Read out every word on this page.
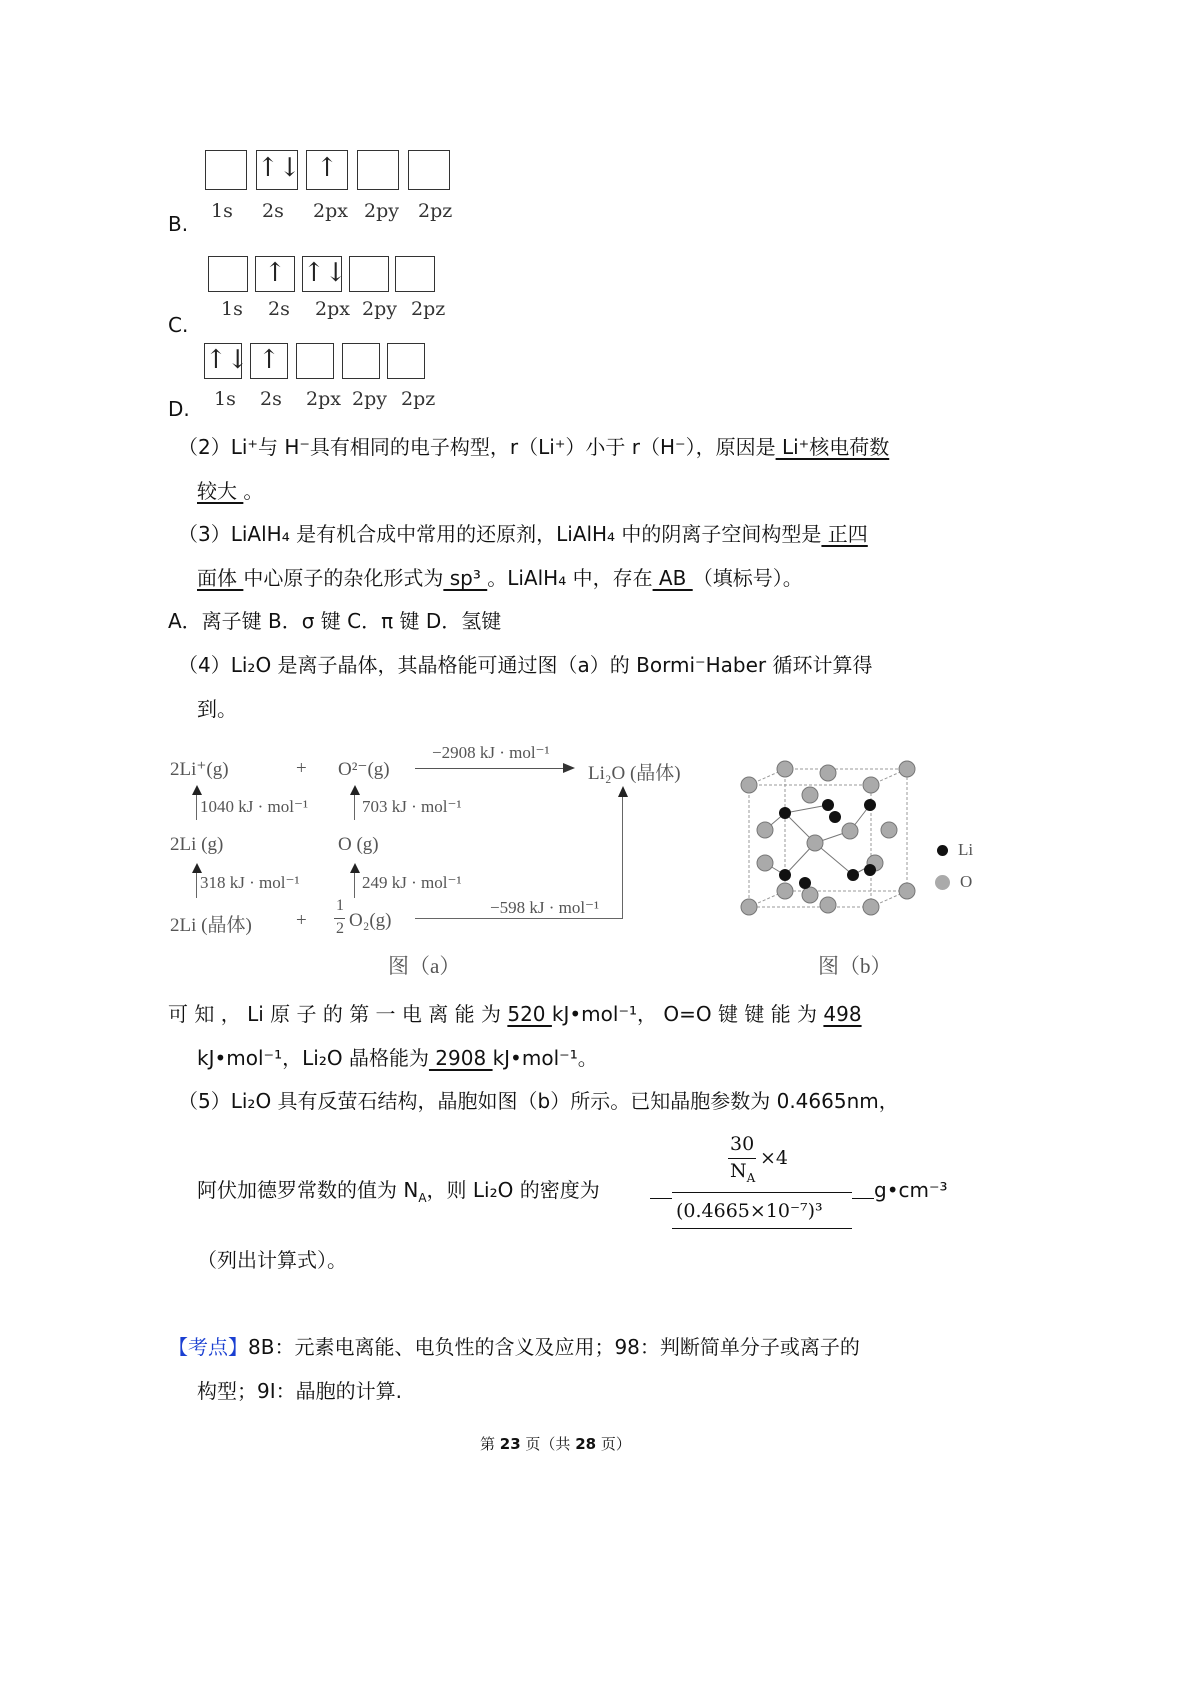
B.
↑↓ ↑
1s 2s 2px 2py 2pz
C.
↑ ↑↓
1s 2s 2px 2py 2pz
D.
↑↓ ↑
1s 2s 2px 2py 2pz
（2）Li⁺与 H⁻具有相同的电子构型，r（Li⁺）小于 r（H⁻），原因是 Li⁺核电荷数
较大 。
（3）LiAlH₄ 是有机合成中常用的还原剂，LiAlH₄ 中的阴离子空间构型是 正四
面体 中心原子的杂化形式为 sp³ 。LiAlH₄ 中，存在 AB （填标号）。
A．离子键 B．σ 键 C．π 键 D．氢键
（4）Li₂O 是离子晶体，其晶格能可通过图（a）的 Bormi⁻Haber 循环计算得
到。
2Li⁺(g)	+ O²⁻(g)
−2908 kJ · mol⁻¹
Li₂O (晶体)
1040 kJ · mol⁻¹	703 kJ · mol⁻¹
2Li (g)	O (g)
318 kJ · mol⁻¹	249 kJ · mol⁻¹
2Li (晶体) +
1
2 O₂(g)
−598 kJ · mol⁻¹
图（a）
Li
O
图（b）
可 知 ， Li 原 子 的 第 一 电 离 能 为 520 kJ•mol⁻¹， O=O 键 键 能 为 498
kJ•mol⁻¹，Li₂O 晶格能为 2908 kJ•mol⁻¹。
（5）Li₂O 具有反萤石结构，晶胞如图（b）所示。已知晶胞参数为 0.4665nm，
阿伏加德罗常数的值为 $N_A$，则 Li₂O 的密度为
30
$N_A$
×4
(0.4665×10⁻⁷)³
g•cm⁻³
（列出计算式）。
【考点】8B：元素电离能、电负性的含义及应用；98：判断简单分子或离子的
构型；9I：晶胞的计算.
第 23 页（共 28 页）
